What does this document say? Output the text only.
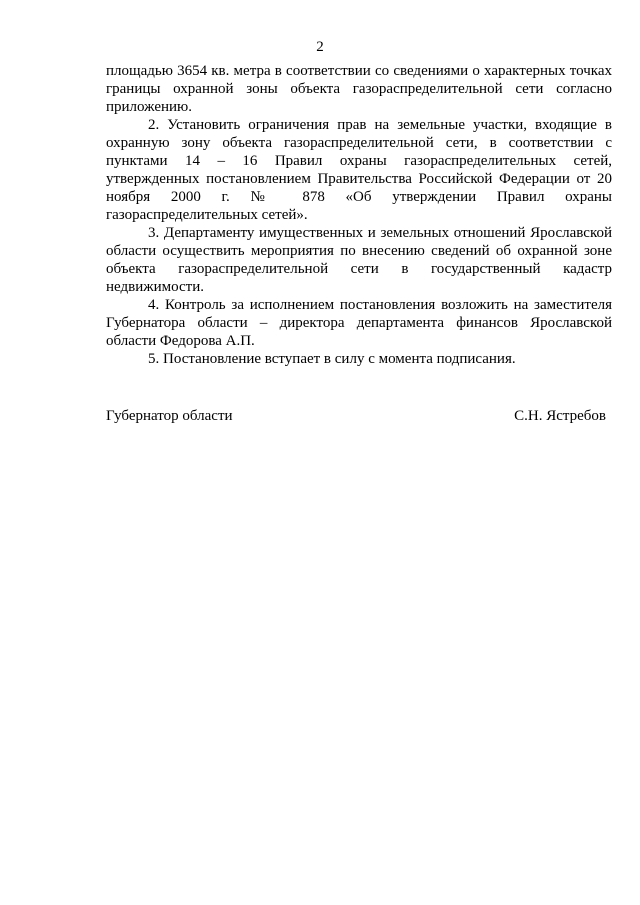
2

площадью 3654 кв. метра в соответствии со сведениями о характерных точках границы охранной зоны объекта газораспределительной сети согласно приложению.

2. Установить ограничения прав на земельные участки, входящие в охранную зону объекта газораспределительной сети, в соответствии с пунктами 14 – 16 Правил охраны газораспределительных сетей, утвержденных постановлением Правительства Российской Федерации от 20 ноября 2000 г. № 878 «Об утверждении Правил охраны газораспределительных сетей».

3. Департаменту имущественных и земельных отношений Ярославской области осуществить мероприятия по внесению сведений об охранной зоне объекта газораспределительной сети в государственный кадастр недвижимости.

4. Контроль за исполнением постановления возложить на заместителя Губернатора области – директора департамента финансов Ярославской области Федорова А.П.

5. Постановление вступает в силу с момента подписания.

Губернатор области	С.Н. Ястребов
